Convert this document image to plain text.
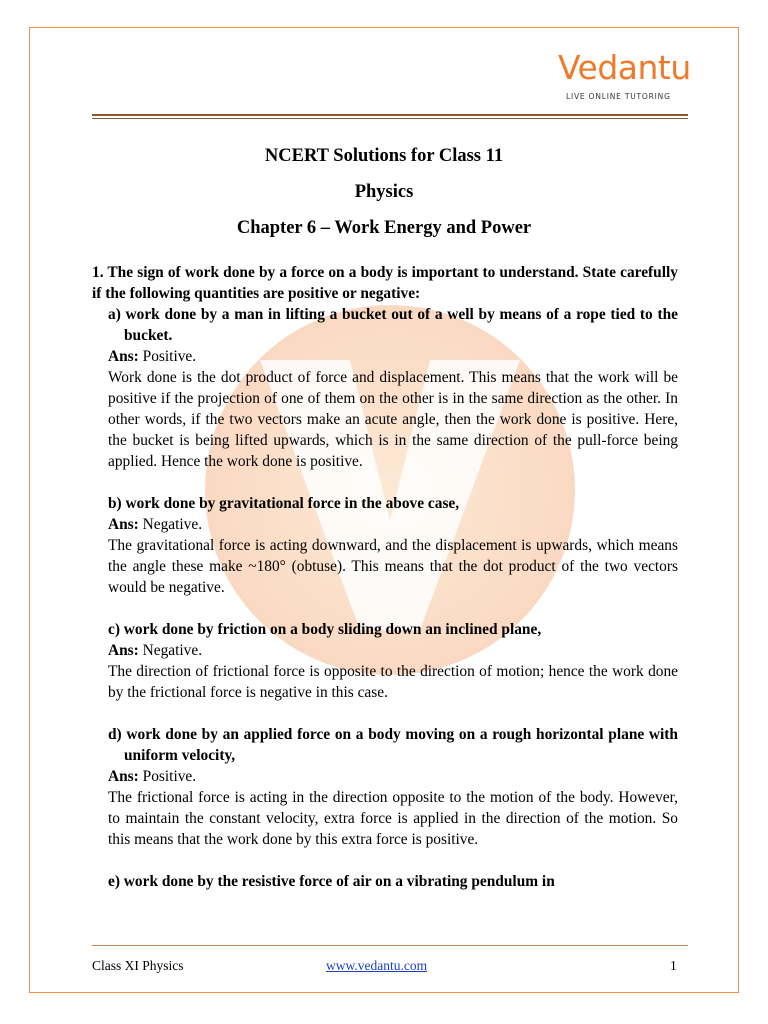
Vedantu
LIVE ONLINE TUTORING
NCERT Solutions for Class 11
Physics
Chapter 6 – Work Energy and Power
1. The sign of work done by a force on a body is important to understand. State carefully if the following quantities are positive or negative:
a) work done by a man in lifting a bucket out of a well by means of a rope tied to the bucket.
Ans: Positive.
Work done is the dot product of force and displacement. This means that the work will be positive if the projection of one of them on the other is in the same direction as the other. In other words, if the two vectors make an acute angle, then the work done is positive. Here, the bucket is being lifted upwards, which is in the same direction of the pull-force being applied. Hence the work done is positive.
b) work done by gravitational force in the above case,
Ans: Negative.
The gravitational force is acting downward, and the displacement is upwards, which means the angle these make ~180° (obtuse). This means that the dot product of the two vectors would be negative.
c) work done by friction on a body sliding down an inclined plane,
Ans: Negative.
The direction of frictional force is opposite to the direction of motion; hence the work done by the frictional force is negative in this case.
d) work done by an applied force on a body moving on a rough horizontal plane with uniform velocity,
Ans: Positive.
The frictional force is acting in the direction opposite to the motion of the body. However, to maintain the constant velocity, extra force is applied in the direction of the motion. So this means that the work done by this extra force is positive.
e) work done by the resistive force of air on a vibrating pendulum in
Class XI Physics	www.vedantu.com	1
